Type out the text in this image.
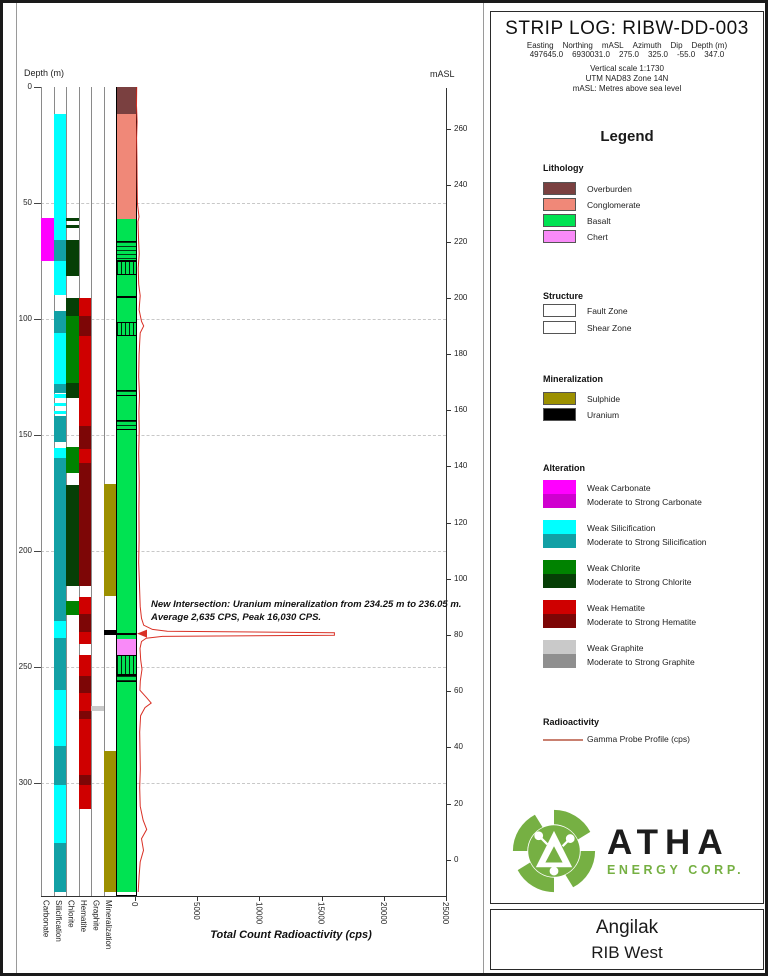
0
50
100
150
200
250
300
Carbonate Silicification Chlorite Hematite Graphite Mineralization 0	5000	10000	15000	20000	25000
260
240
220
200
180
160
140
120
100
80
60
40
20
0
Depth (m)	mASL
New Intersection: Uranium mineralization from 234.25 m to 236.05 m. Average 2,635 CPS, Peak 16,030 CPS.
Total Count Radioactivity (cps)
STRIP LOG: RIBW-DD-003
Easting Northing mASL Azimuth Dip Depth (m)
497645.0 6930031.0 275.0 325.0 -55.0 347.0
Vertical scale 1:1730
UTM NAD83 Zone 14N
mASL: Metres above sea level
Legend
Lithology
Structure
Mineralization
Alteration
Radioactivity
Gamma Probe Profile (cps)
ATHA
ENERGY CORP.
Overburden
Conglomerate
Basalt
Chert
Fault Zone
Shear Zone
Sulphide
Uranium
Weak Carbonate
Moderate to Strong Carbonate
Weak Silicification
Moderate to Strong Silicification
Weak Chlorite
Moderate to Strong Chlorite
Weak Hematite
Moderate to Strong Hematite
Weak Graphite
Moderate to Strong Graphite
Angilak
RIB West
